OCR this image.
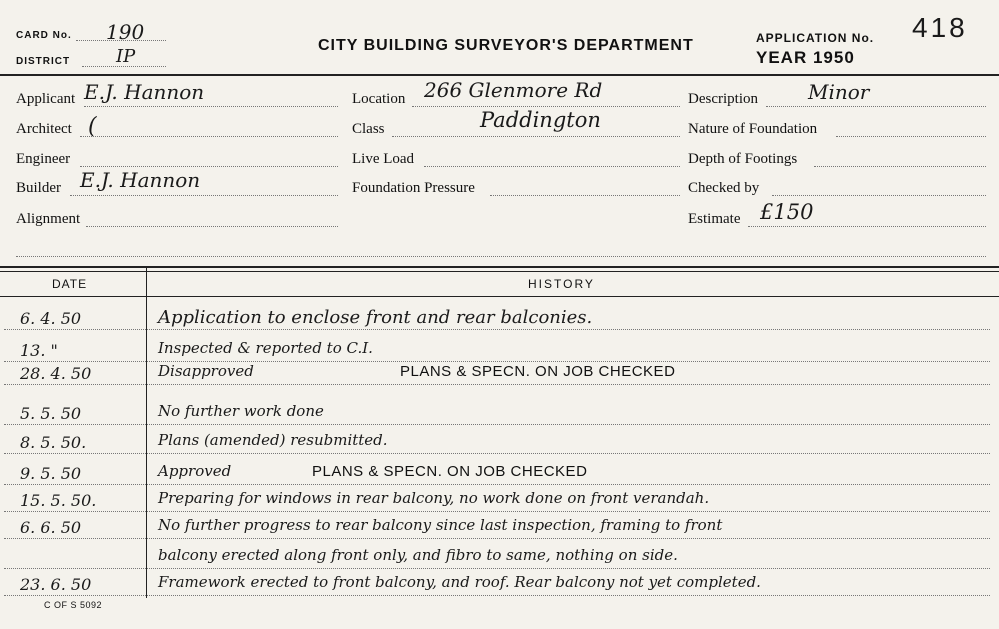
CARD No. 190
DISTRICT	IP
CITY BUILDING SURVEYOR'S DEPARTMENT	APPLICATION No. 418
YEAR 1950
Applicant E.J. Hannon
Architect (
Engineer
Builder E.J. Hannon
Alignment
Location 266 Glenmore Rd
Class	Paddington
Live Load
Foundation Pressure
Description	Minor
Nature of Foundation
Depth of Footings
Checked by
Estimate £150
DATE	HISTORY
6. 4. 50	Application to enclose front and rear balconies.
13. "	Inspected & reported to C.I.
28. 4. 50	Disapproved	PLANS & SPECN. ON JOB CHECKED
5. 5. 50	No further work done
8. 5. 50.	Plans (amended) resubmitted.
9. 5. 50	Approved	PLANS & SPECN. ON JOB CHECKED
15. 5. 50.	Preparing for windows in rear balcony, no work done on front verandah.
6. 6. 50	No further progress to rear balcony since last inspection, framing to front
balcony erected along front only, and fibro to same, nothing on side.
23. 6. 50	Framework erected to front balcony, and roof. Rear balcony not yet completed.
C OF S 5092
